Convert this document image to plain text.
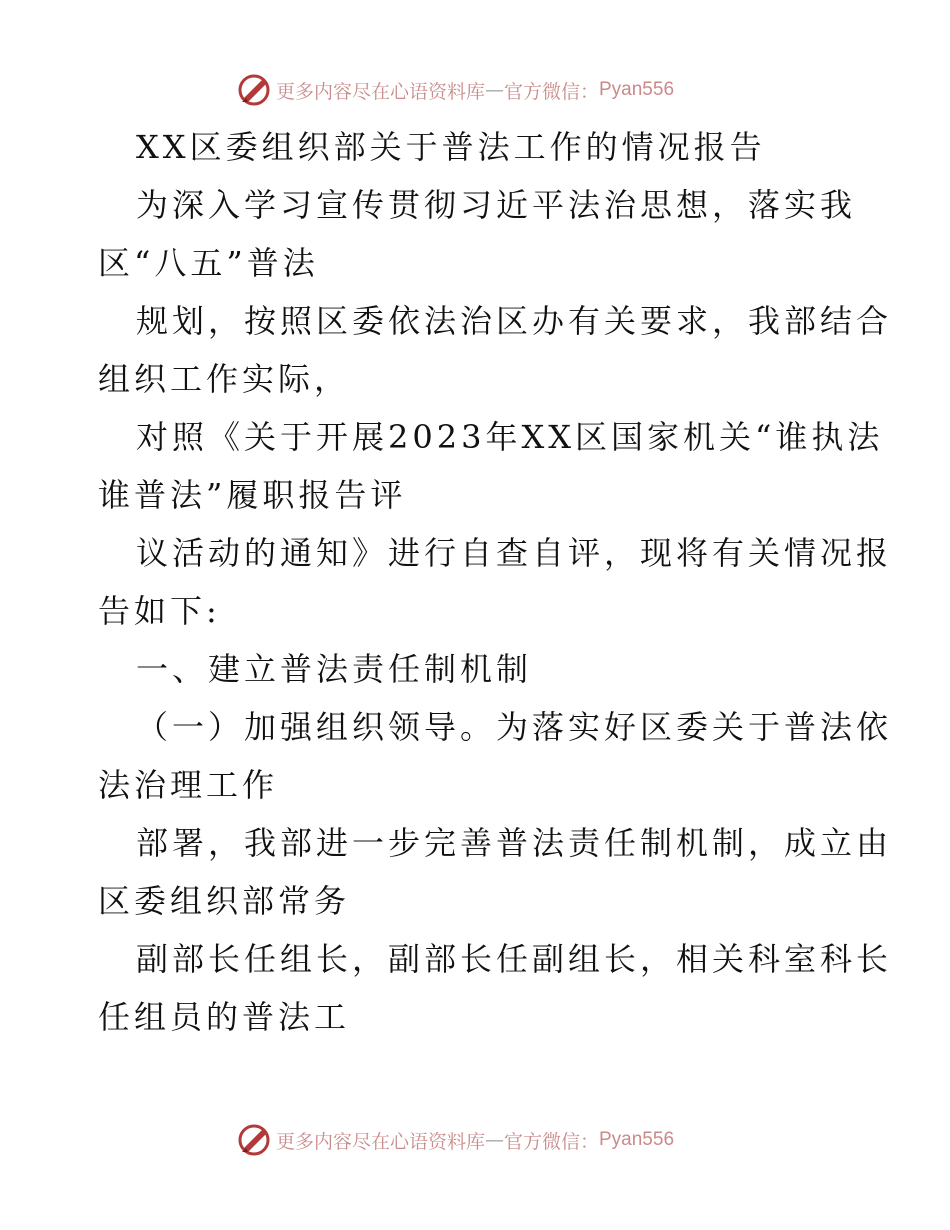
更多内容尽在心语资料库 — 官方微信： Pyan556
XX区委组织部关于普法工作的情况报告
为深入学习宣传贯彻习近平法治思想，落实我
区“八五”普法
规划，按照区委依法治区办有关要求，我部结合
组织工作实际，
对照《关于开展2023年XX区国家机关“谁执法
谁普法”履职报告评
议活动的通知》进行自查自评，现将有关情况报
告如下:
一、建立普法责任制机制
（一）加强组织领导。为落实好区委关于普法依
法治理工作
部署，我部进一步完善普法责任制机制，成立由
区委组织部常务
副部长任组长，副部长任副组长，相关科室科长
任组员的普法工
更多内容尽在心语资料库 — 官方微信： Pyan556
